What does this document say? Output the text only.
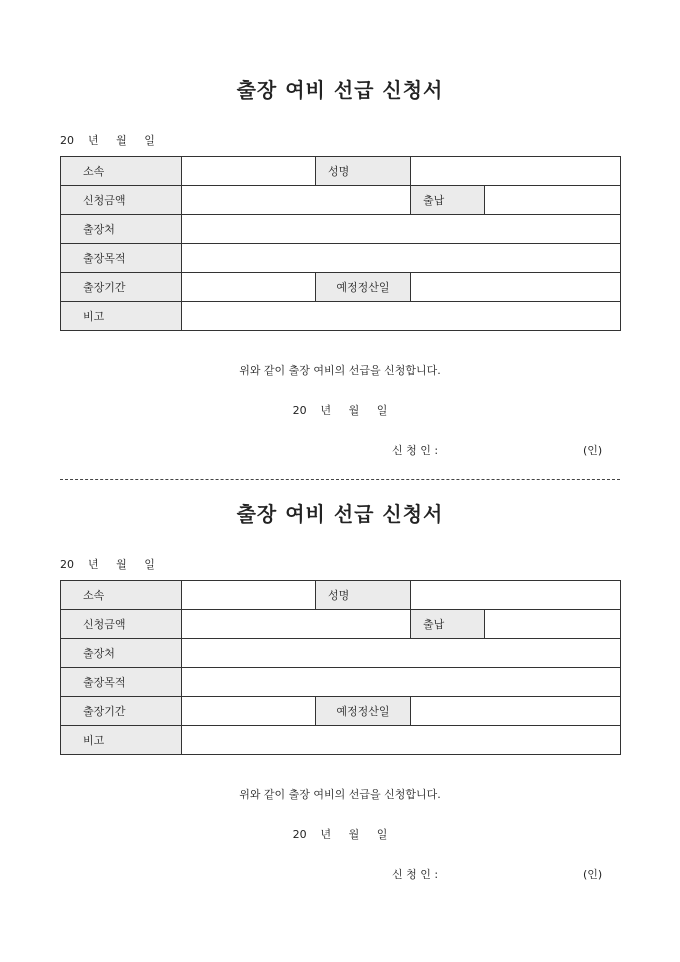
출장 여비 선급 신청서
20    년     월     일
소속		성명		
신청금액			출납	
출장처				
출장목적				
출장기간		예정정산일		
비고				
위와 같이 출장 여비의 선급을 신청합니다.
20    년     월     일
신 청 인 :	(인)
출장 여비 선급 신청서
20    년     월     일
소속		성명		
신청금액			출납	
출장처				
출장목적				
출장기간		예정정산일		
비고				
위와 같이 출장 여비의 선급을 신청합니다.
20    년     월     일
신 청 인 :	(인)
